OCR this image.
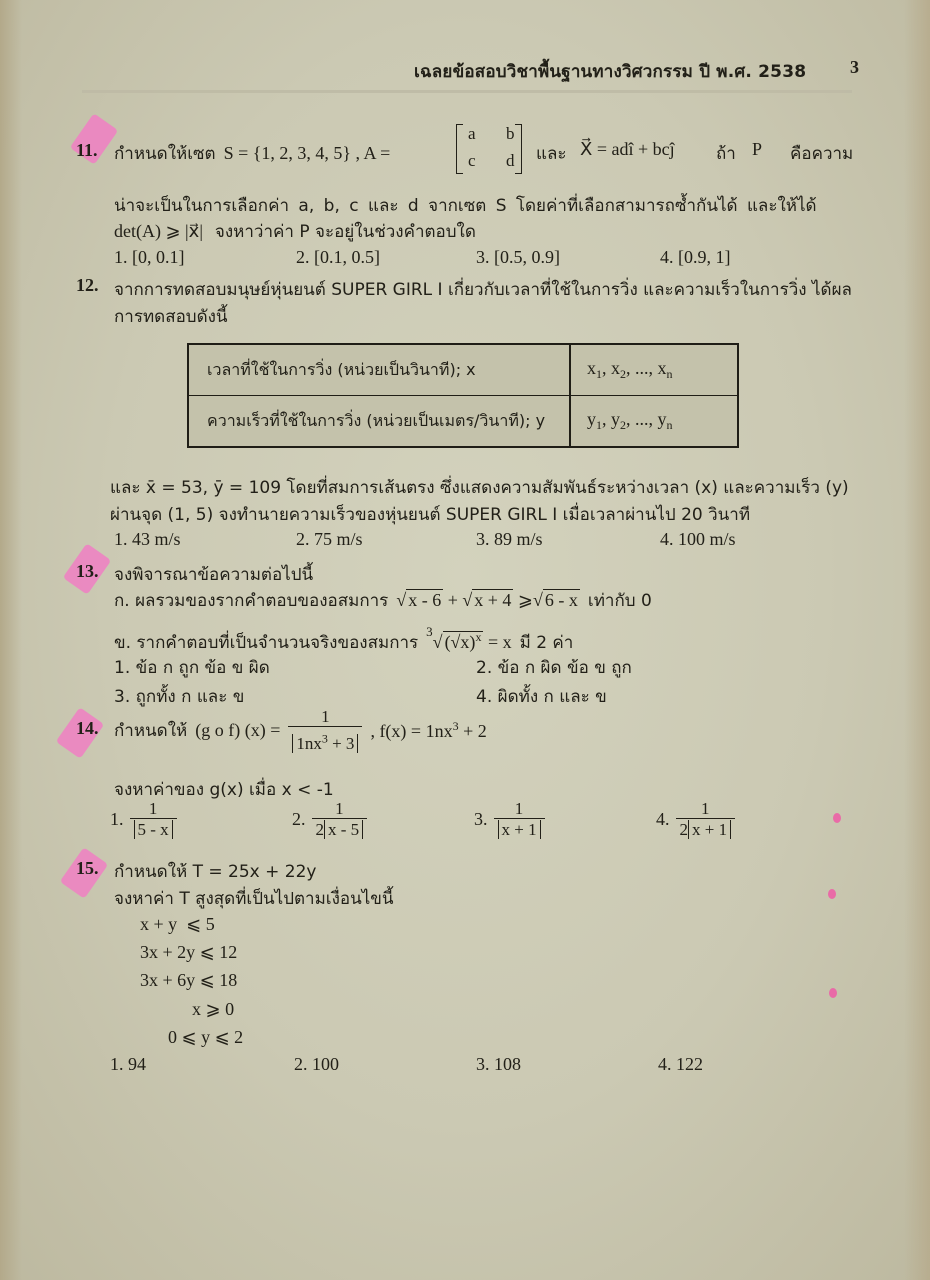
เฉลยข้อสอบวิชาพื้นฐานทางวิศวกรรม ปี พ.ศ. 2538 3
11. กำหนดให้เซต S = {1, 2, 3, 4, 5} , A =
a b
c d และ X⃗ = adî + bcĵ ถ้า P คือความ
น่าจะเป็นในการเลือกค่า a, b, c และ d จากเซต S โดยค่าที่เลือกสามารถซ้ำกันได้ และให้ได้
det(A) ⩾ |x⃗| จงหาว่าค่า P จะอยู่ในช่วงคำตอบใด
1. [0, 0.1]	2. [0.1, 0.5]	3. [0.5, 0.9]	4. [0.9, 1]
12. จากการทดสอบมนุษย์หุ่นยนต์ SUPER GIRL I เกี่ยวกับเวลาที่ใช้ในการวิ่ง และความเร็วในการวิ่ง ได้ผล
การทดสอบดังนี้
เวลาที่ใช้ในการวิ่ง (หน่วยเป็นวินาที); x	$x_1$, $x_2$, ..., $x_n$
ความเร็วที่ใช้ในการวิ่ง (หน่วยเป็นเมตร/วินาที); y	$y_1$, $y_2$, ..., $y_n$
และ x̄ = 53, ȳ = 109 โดยที่สมการเส้นตรง ซึ่งแสดงความสัมพันธ์ระหว่างเวลา (x) และความเร็ว (y)
ผ่านจุด (1, 5) จงทำนายความเร็วของหุ่นยนต์ SUPER GIRL I เมื่อเวลาผ่านไป 20 วินาที
1. 43 m/s	2. 75 m/s	3. 89 m/s	4. 100 m/s
13. จงพิจารณาข้อความต่อไปนี้
ก. ผลรวมของรากคำตอบของอสมการ √ x - 6 + √ x + 4 ⩾√ 6 - x เท่ากับ 0
ข. รากคำตอบที่เป็นจำนวนจริงของสมการ
$^3$√ $(√x)^x = x$ มี 2 ค่า
1. ข้อ ก ถูก ข้อ ข ผิด	2. ข้อ ก ผิด ข้อ ข ถูก
3. ถูกทั้ง ก และ ข	4. ผิดทั้ง ก และ ข
14. กำหนดให้ (g o f) $(x) = \frac{1}{1nx^3 + 3}$ , $f(x) = 1nx^3 + 2$
จงหาค่าของ g(x) เมื่อ x < -1
1. $\frac{1}{5 - x}$	2. $\frac{1}{2 x - 5}$	3. $\frac{1}{x + 1}$	4. $\frac{1}{2 x + 1}$
15. กำหนดให้ T = 25x + 22y
จงหาค่า T สูงสุดที่เป็นไปตามเงื่อนไขนี้
x + y  ⩽ 5
3x + 2y ⩽ 12
3x + 6y ⩽ 18
x ⩾ 0
0 ⩽ y ⩽ 2
1. 94	2. 100	3. 108	4. 122
